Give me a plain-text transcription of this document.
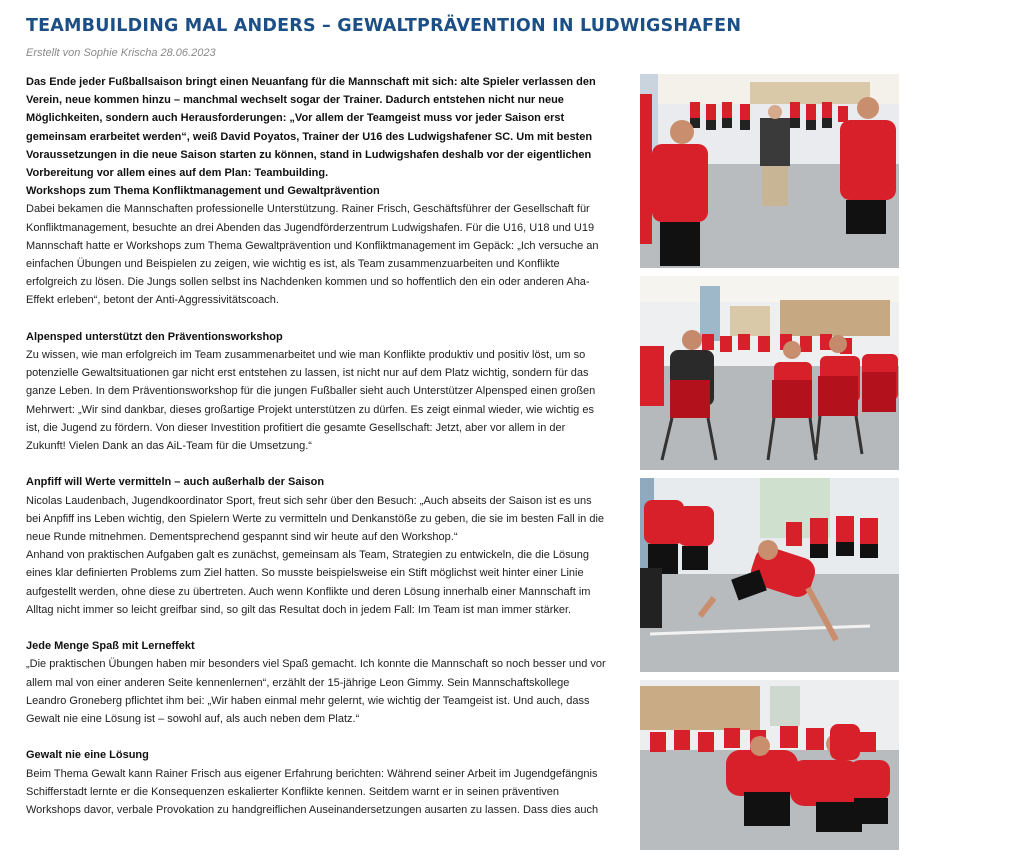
TEAMBUILDING MAL ANDERS – GEWALTPRÄVENTION IN LUDWIGSHAFEN
Erstellt von Sophie Krischa 28.06.2023

Das Ende jeder Fußballsaison bringt einen Neuanfang für die Mannschaft mit sich: alte Spieler verlassen den Verein, neue kommen hinzu – manchmal wechselt sogar der Trainer. Dadurch entstehen nicht nur neue Möglichkeiten, sondern auch Herausforderungen: „Vor allem der Teamgeist muss vor jeder Saison erst gemeinsam erarbeitet werden“, weiß David Poyatos, Trainer der U16 des Ludwigshafener SC. Um mit besten Voraussetzungen in die neue Saison starten zu können, stand in Ludwigshafen deshalb vor der eigentlichen Vorbereitung vor allem eines auf dem Plan: Teambuilding.

Workshops zum Thema Konfliktmanagement und Gewaltprävention

Dabei bekamen die Mannschaften professionelle Unterstützung. Rainer Frisch, Geschäftsführer der Gesellschaft für Konfliktmanagement, besuchte an drei Abenden das Jugendförderzentrum Ludwigshafen. Für die U16, U18 und U19 Mannschaft hatte er Workshops zum Thema Gewaltprävention und Konfliktmanagement im Gepäck: „Ich versuche an einfachen Übungen und Beispielen zu zeigen, wie wichtig es ist, als Team zusammenzuarbeiten und Konflikte erfolgreich zu lösen. Die Jungs sollen selbst ins Nachdenken kommen und so hoffentlich den ein oder anderen Aha-Effekt erleben“, betont der Anti-Aggressivitätscoach.

Alpensped unterstützt den Präventionsworkshop

Zu wissen, wie man erfolgreich im Team zusammenarbeitet und wie man Konflikte produktiv und positiv löst, um so potenzielle Gewaltsituationen gar nicht erst entstehen zu lassen, ist nicht nur auf dem Platz wichtig, sondern für das ganze Leben. In dem Präventionsworkshop für die jungen Fußballer sieht auch Unterstützer Alpensped einen großen Mehrwert: „Wir sind dankbar, dieses großartige Projekt unterstützen zu dürfen. Es zeigt einmal wieder, wie wichtig es ist, die Jugend zu fördern. Von dieser Investition profitiert die gesamte Gesellschaft: Jetzt, aber vor allem in der Zukunft! Vielen Dank an das AiL-Team für die Umsetzung.“

Anpfiff will Werte vermitteln – auch außerhalb der Saison

Nicolas Laudenbach, Jugendkoordinator Sport, freut sich sehr über den Besuch: „Auch abseits der Saison ist es uns bei Anpfiff ins Leben wichtig, den Spielern Werte zu vermitteln und Denkanstöße zu geben, die sie im besten Fall in die neue Runde mitnehmen. Dementsprechend gespannt sind wir heute auf den Workshop.“

Anhand von praktischen Aufgaben galt es zunächst, gemeinsam als Team, Strategien zu entwickeln, die die Lösung eines klar definierten Problems zum Ziel hatten. So musste beispielsweise ein Stift möglichst weit hinter einer Linie aufgestellt werden, ohne diese zu übertreten. Auch wenn Konflikte und deren Lösung innerhalb einer Mannschaft im Alltag nicht immer so leicht greifbar sind, so gilt das Resultat doch in jedem Fall: Im Team ist man immer stärker.

Jede Menge Spaß mit Lerneffekt

„Die praktischen Übungen haben mir besonders viel Spaß gemacht. Ich konnte die Mannschaft so noch besser und vor allem mal von einer anderen Seite kennenlernen“, erzählt der 15-jährige Leon Gimmy. Sein Mannschaftskollege Leandro Groneberg pflichtet ihm bei: „Wir haben einmal mehr gelernt, wie wichtig der Teamgeist ist. Und auch, dass Gewalt nie eine Lösung ist – sowohl auf, als auch neben dem Platz.“

Gewalt nie eine Lösung

Beim Thema Gewalt kann Rainer Frisch aus eigener Erfahrung berichten: Während seiner Arbeit im Jugendgefängnis Schifferstadt lernte er die Konsequenzen eskalierter Konflikte kennen. Seitdem warnt er in seinen präventiven Workshops davor, verbale Provokation zu handgreiflichen Auseinandersetzungen ausarten zu lassen. Dass dies auch
